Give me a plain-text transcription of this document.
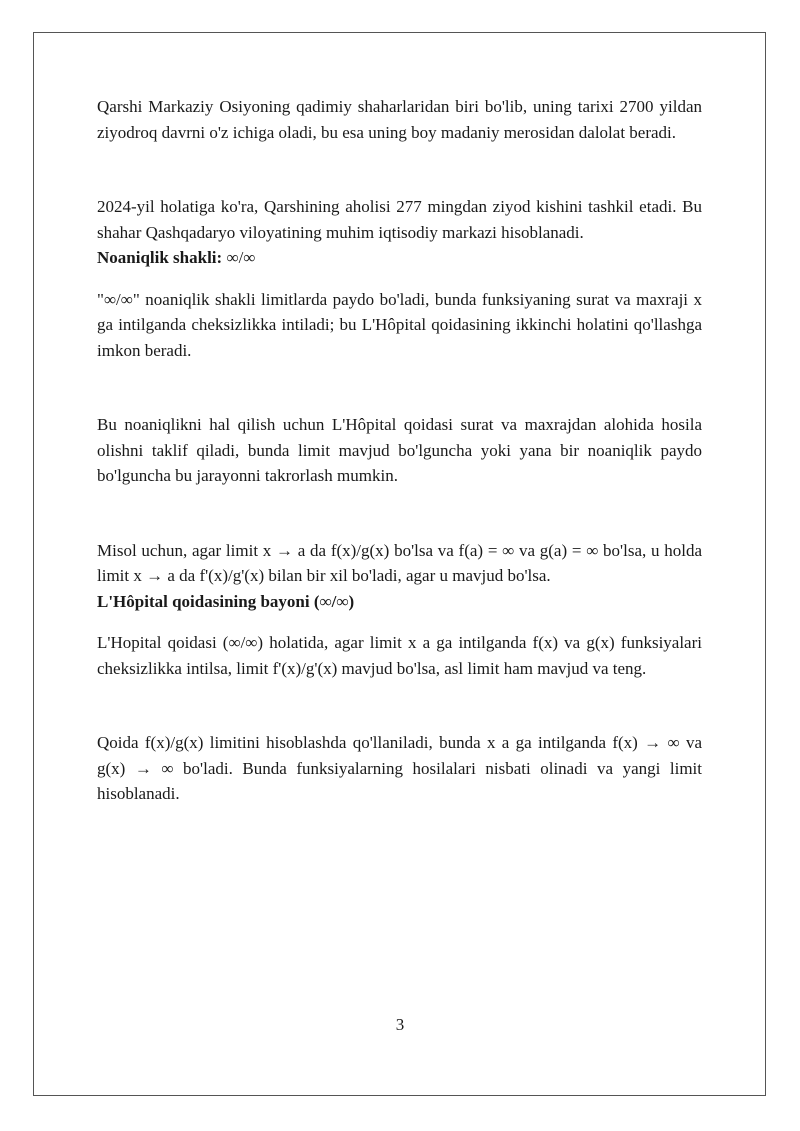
Qarshi Markaziy Osiyoning qadimiy shaharlaridan biri bo'lib, uning tarixi 2700 yildan ziyodroq davrni o'z ichiga oladi, bu esa uning boy madaniy merosidan dalolat beradi.

2024-yil holatiga ko'ra, Qarshining aholisi 277 mingdan ziyod kishini tashkil etadi. Bu shahar Qashqadaryo viloyatining muhim iqtisodiy markazi hisoblanadi.

Noaniqlik shakli: ∞/∞

"∞/∞" noaniqlik shakli limitlarda paydo bo'ladi, bunda funksiyaning surat va maxraji x ga intilganda cheksizlikka intiladi; bu L'Hôpital qoidasining ikkinchi holatini qo'llashga imkon beradi.

Bu noaniqlikni hal qilish uchun L'Hôpital qoidasi surat va maxrajdan alohida hosila olishni taklif qiladi, bunda limit mavjud bo'lguncha yoki yana bir noaniqlik paydo bo'lguncha bu jarayonni takrorlash mumkin.

Misol uchun, agar limit x → a da f(x)/g(x) bo'lsa va f(a) = ∞ va g(a) = ∞ bo'lsa, u holda limit x → a da f'(x)/g'(x) bilan bir xil bo'ladi, agar u mavjud bo'lsa.

L'Hôpital qoidasining bayoni (∞/∞)

L'Hopital qoidasi (∞/∞) holatida, agar limit x a ga intilganda f(x) va g(x) funksiyalari cheksizlikka intilsa, limit f'(x)/g'(x) mavjud bo'lsa, asl limit ham mavjud va teng.

Qoida f(x)/g(x) limitini hisoblashda qo'llaniladi, bunda x a ga intilganda f(x) → ∞ va g(x) → ∞ bo'ladi. Bunda funksiyalarning hosilalari nisbati olinadi va yangi limit hisoblanadi.

3
